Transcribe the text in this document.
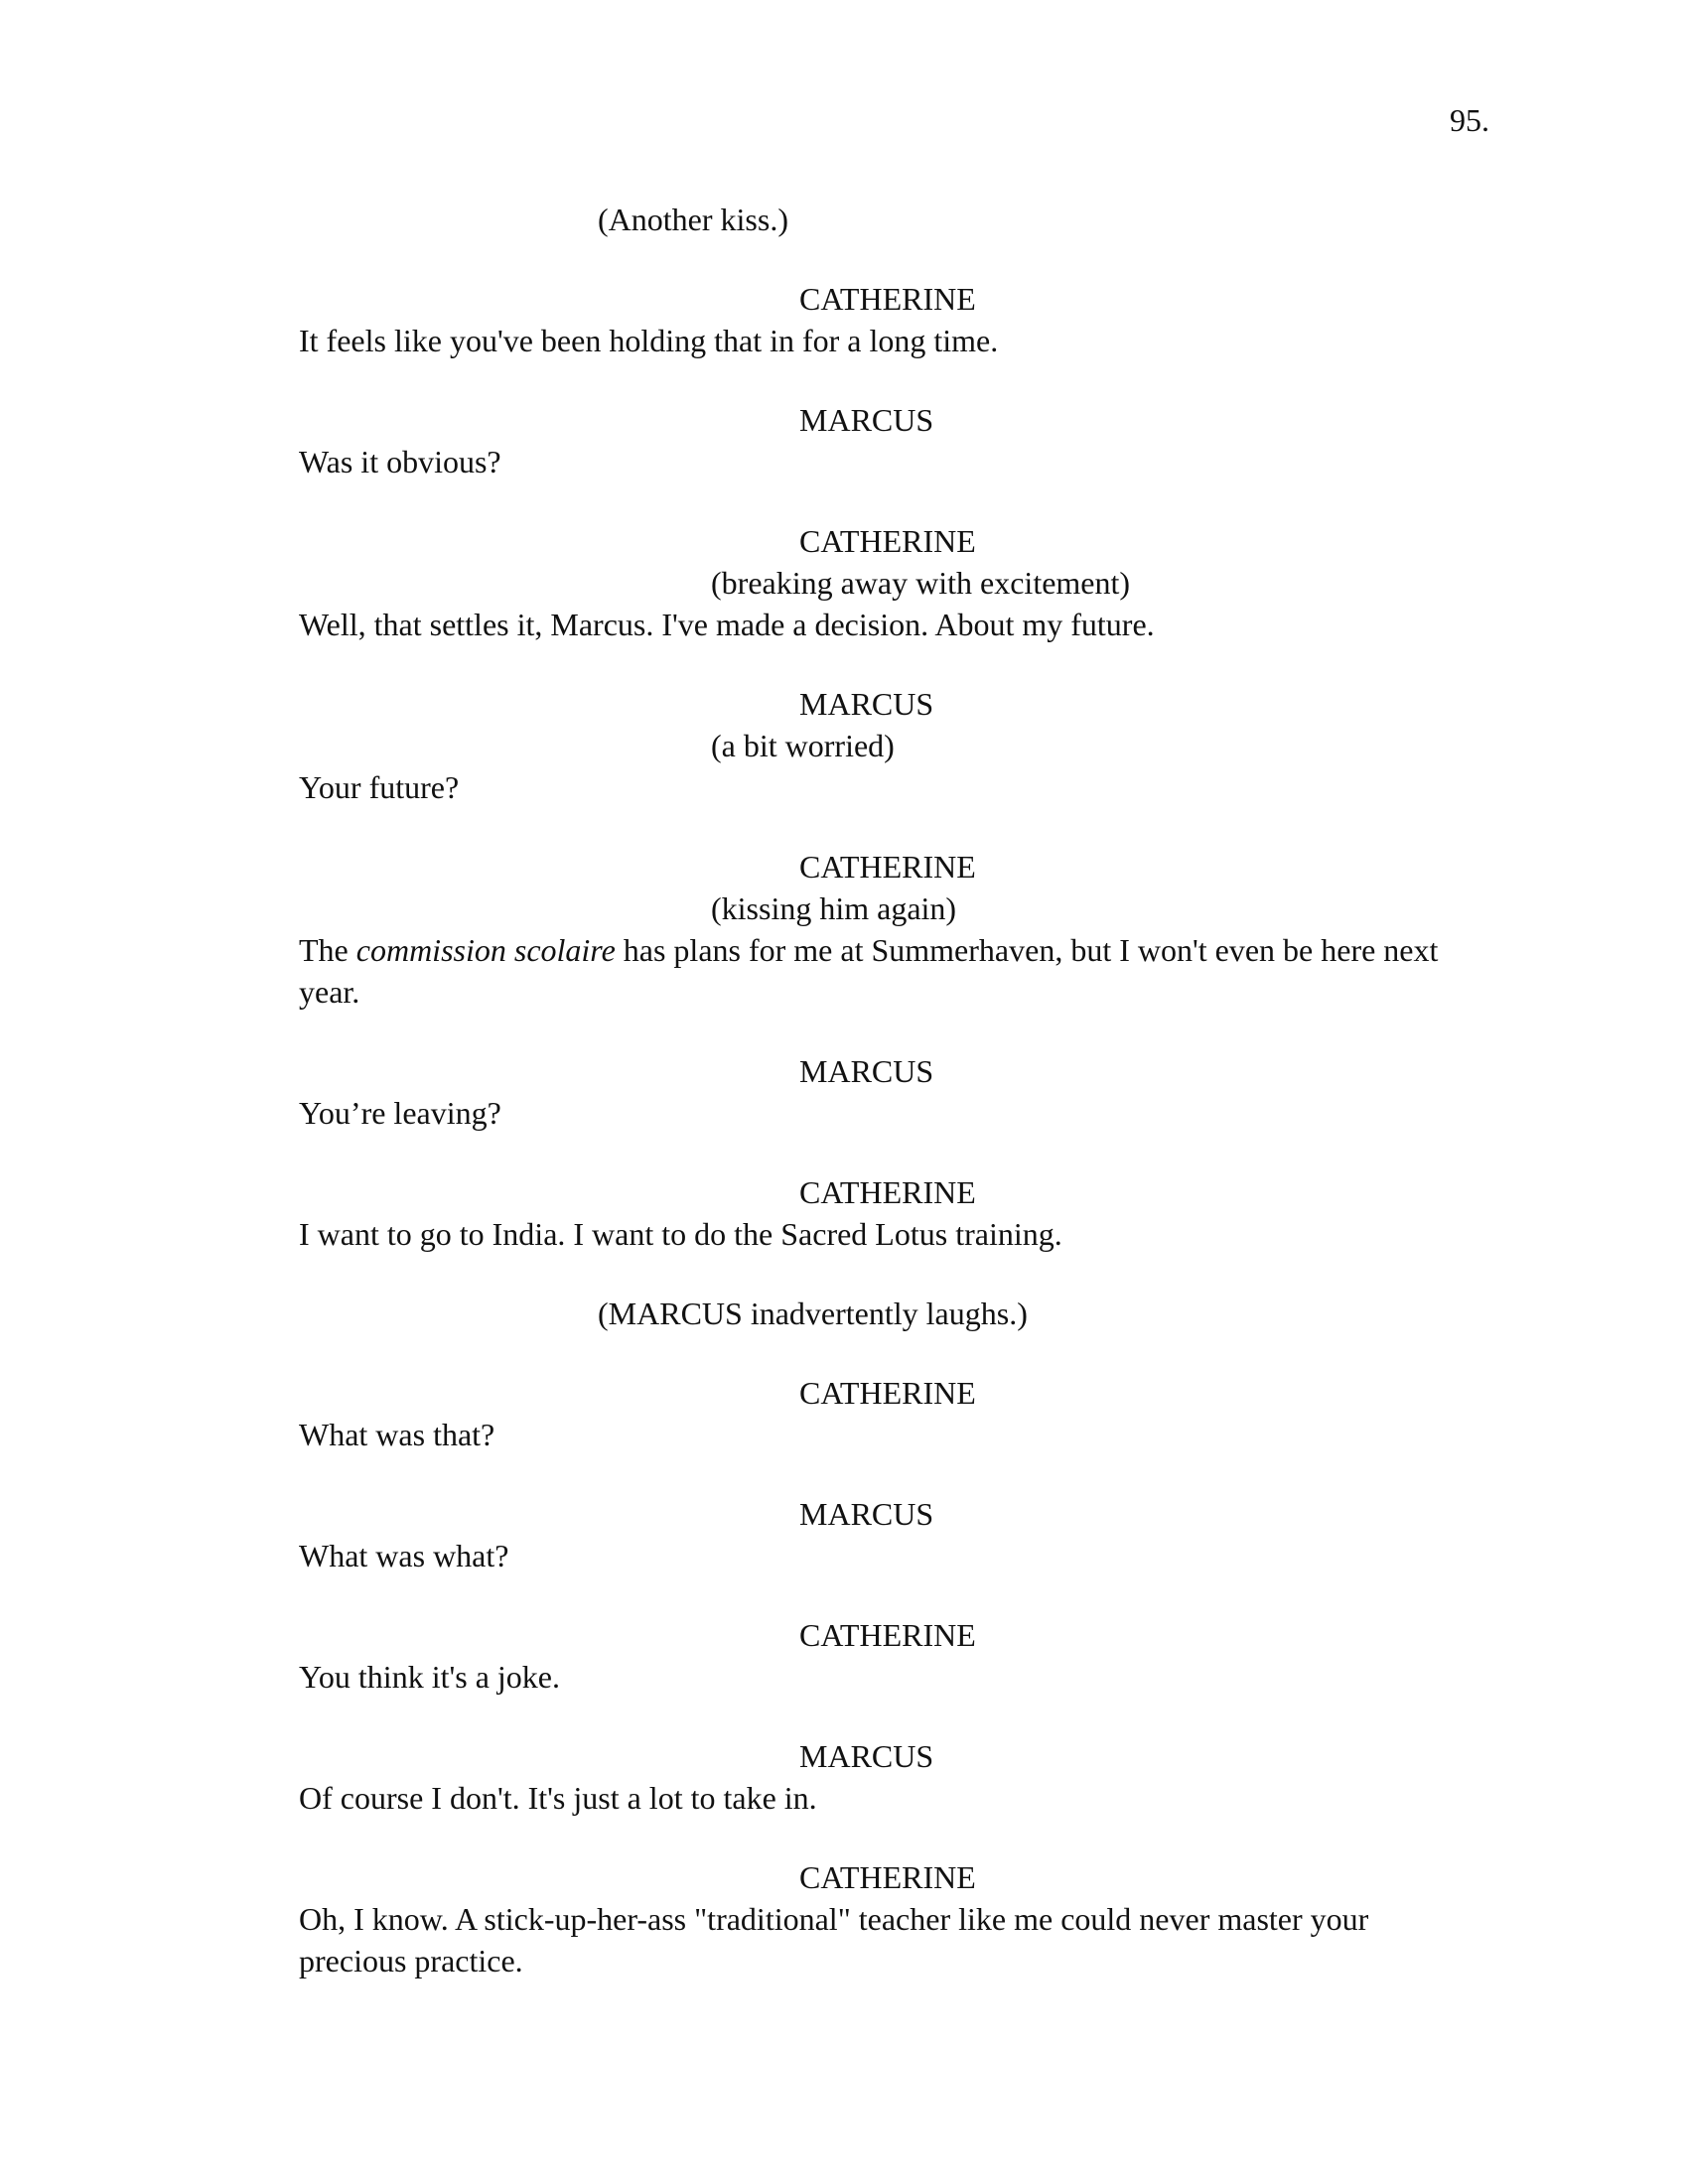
95.
(Another kiss.)
CATHERINE
It feels like you've been holding that in for a long time.
MARCUS
Was it obvious?
CATHERINE
(breaking away with excitement)
Well, that settles it, Marcus. I've made a decision. About my future.
MARCUS
(a bit worried)
Your future?
CATHERINE
(kissing him again)
The commission scolaire has plans for me at Summerhaven, but I won't even be here next
year.
MARCUS
You’re leaving?
CATHERINE
I want to go to India. I want to do the Sacred Lotus training.
(MARCUS inadvertently laughs.)
CATHERINE
What was that?
MARCUS
What was what?
CATHERINE
You think it's a joke.
MARCUS
Of course I don't. It's just a lot to take in.
CATHERINE
Oh, I know. A stick-up-her-ass "traditional" teacher like me could never master your
precious practice.
